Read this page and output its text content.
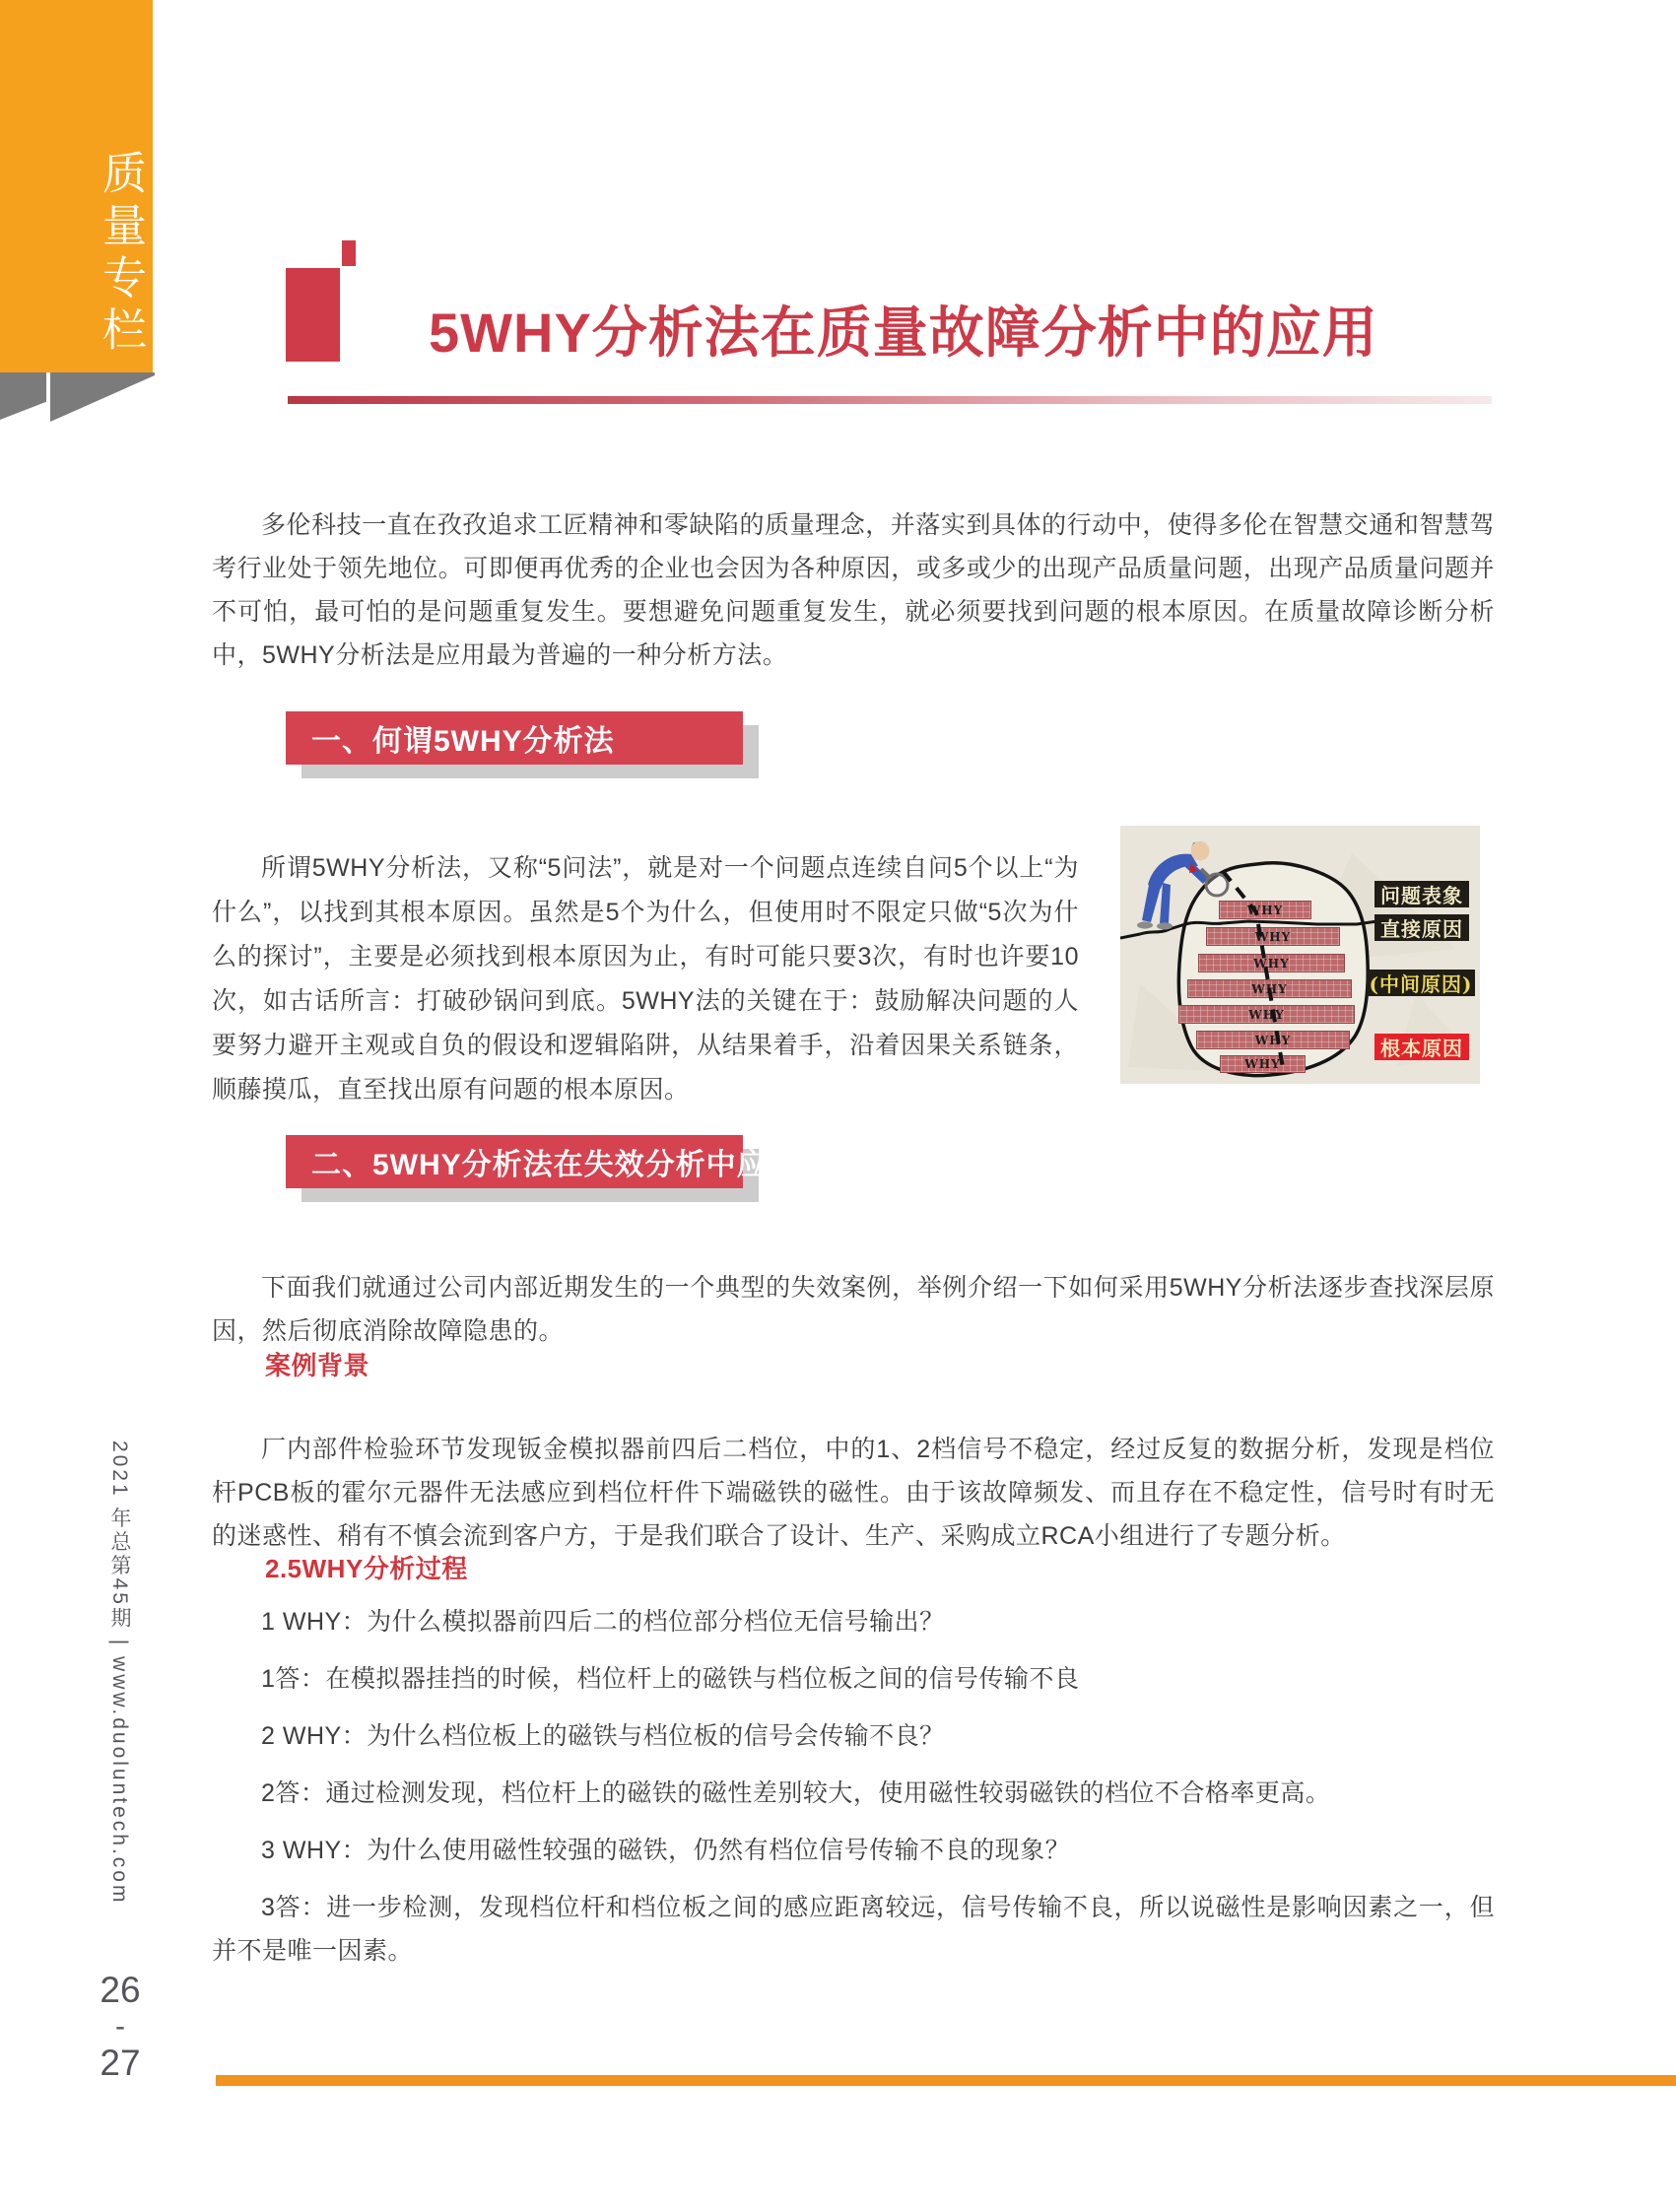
质量专栏
2021 年总第45期 | www.duoluntech.com
26
-
27
5WHY分析法在质量故障分析中的应用

多伦科技一直在孜孜追求工匠精神和零缺陷的质量理念，并落实到具体的行动中，使得多伦在智慧交通和智慧驾考行业处于领先地位。可即便再优秀的企业也会因为各种原因，或多或少的出现产品质量问题，出现产品质量问题并不可怕，最可怕的是问题重复发生。要想避免问题重复发生，就必须要找到问题的根本原因。在质量故障诊断分析中，5WHY分析法是应用最为普遍的一种分析方法。

一、何谓5WHY分析法

所谓5WHY分析法，又称“5问法”，就是对一个问题点连续自问5个以上“为什么”，以找到其根本原因。虽然是5个为什么，但使用时不限定只做“5次为什么的探讨”，主要是必须找到根本原因为止，有时可能只要3次，有时也许要10次，如古话所言：打破砂锅问到底。5WHY法的关键在于：鼓励解决问题的人要努力避开主观或自负的假设和逻辑陷阱，从结果着手，沿着因果关系链条，顺藤摸瓜，直至找出原有问题的根本原因。

WHY
WHY
WHY
WHY
WHY
WHY
WHY
问题表象
直接原因
(中间原因)
根本原因
二、5WHY分析法在失效分析中应用实例

下面我们就通过公司内部近期发生的一个典型的失效案例，举例介绍一下如何采用5WHY分析法逐步查找深层原因，然后彻底消除故障隐患的。

案例背景

厂内部件检验环节发现钣金模拟器前四后二档位，中的1、2档信号不稳定，经过反复的数据分析，发现是档位杆PCB板的霍尔元器件无法感应到档位杆件下端磁铁的磁性。由于该故障频发、而且存在不稳定性，信号时有时无的迷惑性、稍有不慎会流到客户方，于是我们联合了设计、生产、采购成立RCA小组进行了专题分析。

2.5WHY分析过程

1 WHY：为什么模拟器前四后二的档位部分档位无信号输出？

1答：在模拟器挂挡的时候，档位杆上的磁铁与档位板之间的信号传输不良

2 WHY：为什么档位板上的磁铁与档位板的信号会传输不良？

2答：通过检测发现，档位杆上的磁铁的磁性差别较大，使用磁性较弱磁铁的档位不合格率更高。

3 WHY：为什么使用磁性较强的磁铁，仍然有档位信号传输不良的现象？

3答：进一步检测，发现档位杆和档位板之间的感应距离较远，信号传输不良，所以说磁性是影响因素之一，但并不是唯一因素。
